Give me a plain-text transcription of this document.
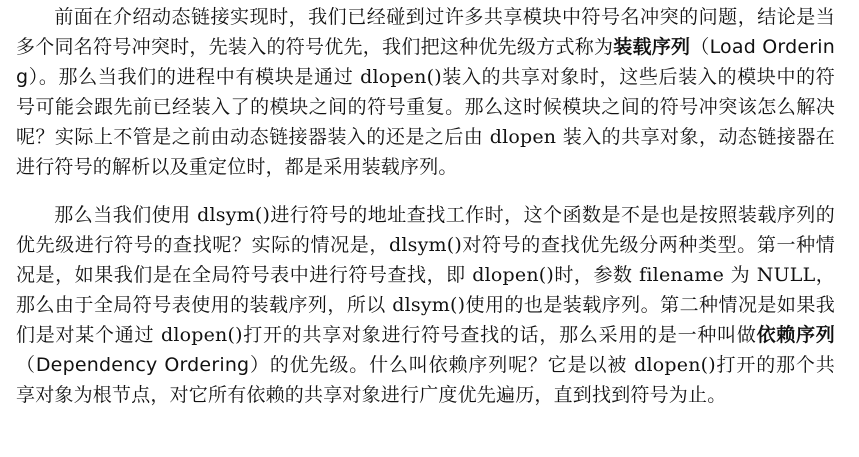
前面在介绍动态链接实现时，我们已经碰到过许多共享模块中符号名冲突的问题，结论是当多个同名符号冲突时，先装入的符号优先，我们把这种优先级方式称为装载序列（Load Ordering）。那么当我们的进程中有模块是通过 dlopen()装入的共享对象时，这些后装入的模块中的符号可能会跟先前已经装入了的模块之间的符号重复。那么这时候模块之间的符号冲突该怎么解决呢？实际上不管是之前由动态链接器装入的还是之后由 dlopen 装入的共享对象，动态链接器在进行符号的解析以及重定位时，都是采用装载序列。

那么当我们使用 dlsym()进行符号的地址查找工作时，这个函数是不是也是按照装载序列的优先级进行符号的查找呢？实际的情况是，dlsym()对符号的查找优先级分两种类型。第一种情况是，如果我们是在全局符号表中进行符号查找，即 dlopen()时，参数 filename 为 NULL，那么由于全局符号表使用的装载序列，所以 dlsym()使用的也是装载序列。第二种情况是如果我们是对某个通过 dlopen()打开的共享对象进行符号查找的话，那么采用的是一种叫做依赖序列（Dependency Ordering）的优先级。什么叫依赖序列呢？它是以被 dlopen()打开的那个共享对象为根节点，对它所有依赖的共享对象进行广度优先遍历，直到找到符号为止。
